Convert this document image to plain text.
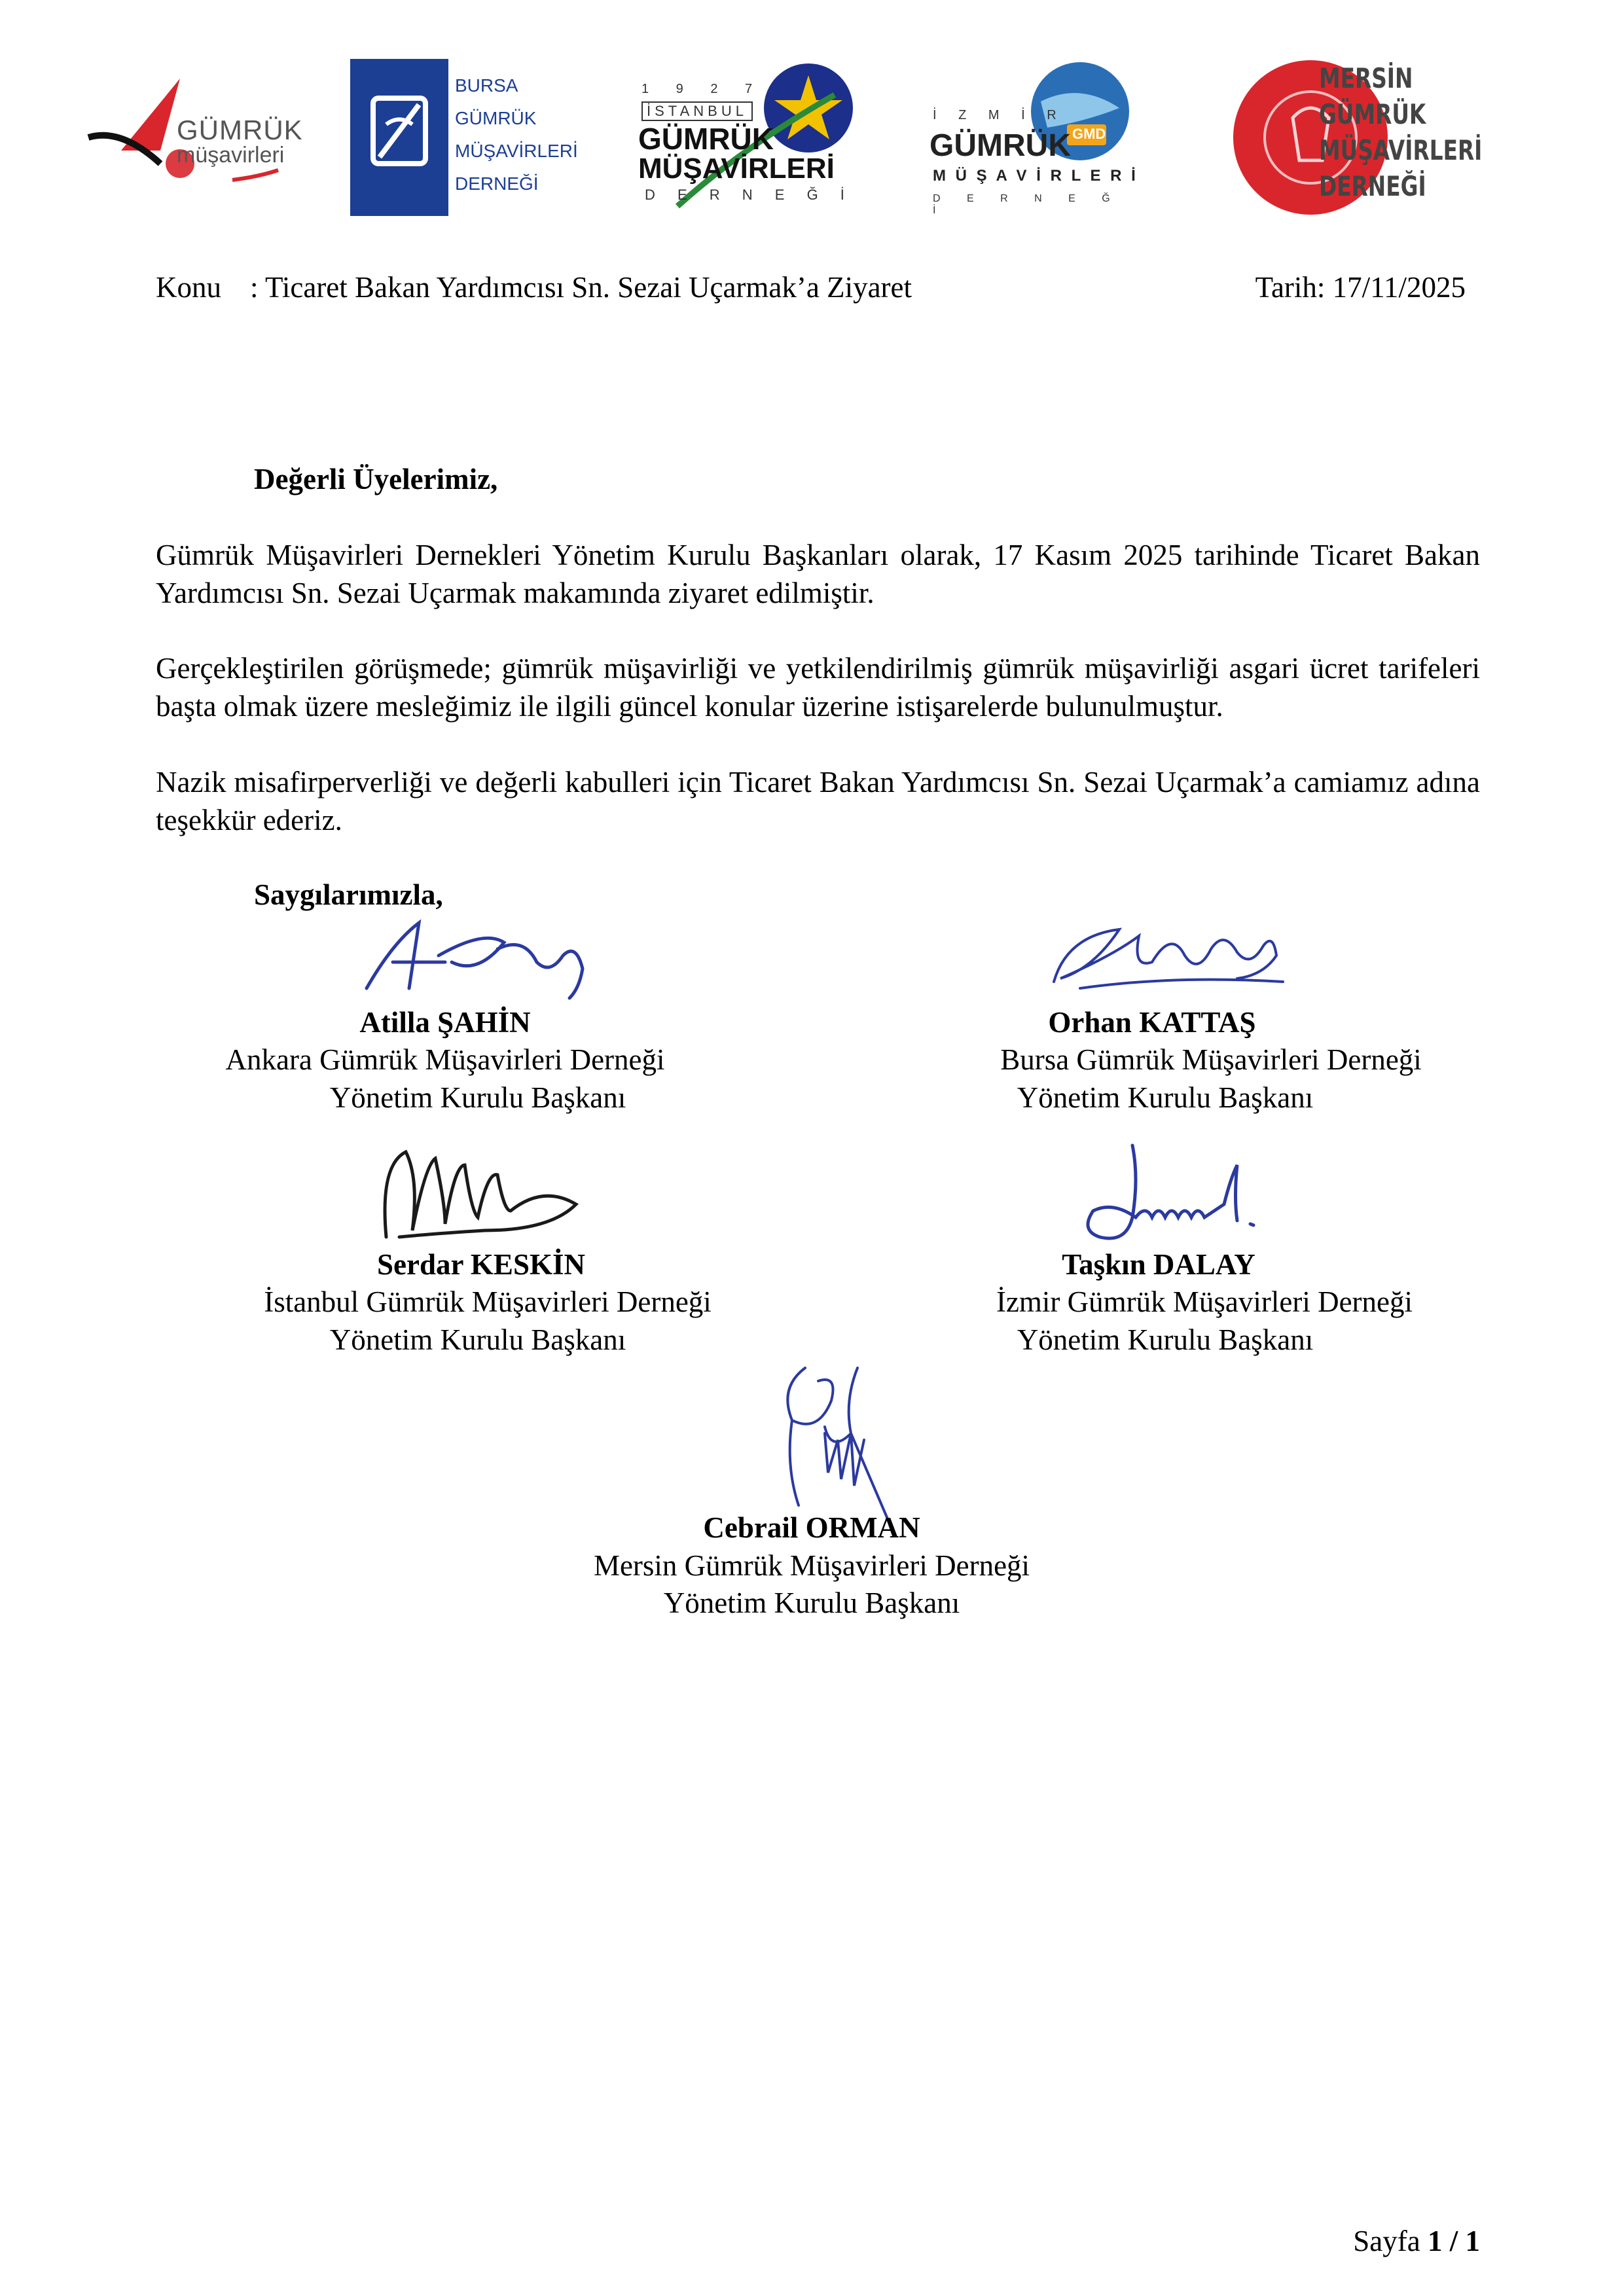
GÜMRÜK
müşavirleri
BURSA
GÜMRÜK
MÜŞAVİRLERİ
DERNEĞİ
1 9 2 7
İSTANBUL
GÜMRÜK
MÜŞAVİRLERİ
D E R N E Ğ İ
GMD
İ Z M İ R
GÜMRÜK
M Ü Ş A V İ R L E R İ
D E R N E Ğ İ
MERSİN
GÜMRÜK
MÜŞAVİRLERİ
DERNEĞİ
Konu : Ticaret Bakan Yardımcısı Sn. Sezai Uçarmak’a Ziyaret	Tarih: 17/11/2025
Değerli Üyelerimiz,
Gümrük Müşavirleri Dernekleri Yönetim Kurulu Başkanları olarak, 17 Kasım 2025 tarihinde Ticaret Bakan Yardımcısı Sn. Sezai Uçarmak makamında ziyaret edilmiştir.
Gerçekleştirilen görüşmede; gümrük müşavirliği ve yetkilendirilmiş gümrük müşavirliği asgari ücret tarifeleri başta olmak üzere mesleğimiz ile ilgili güncel konular üzerine istişarelerde bulunulmuştur.
Nazik misafirperverliği ve değerli kabulleri için Ticaret Bakan Yardımcısı Sn. Sezai Uçarmak’a camiamız adına teşekkür ederiz.
Saygılarımızla,
Atilla ŞAHİN
Ankara Gümrük Müşavirleri Derneği
Yönetim Kurulu Başkanı
Orhan KATTAŞ
Bursa Gümrük Müşavirleri Derneği
Yönetim Kurulu Başkanı
Serdar KESKİN
İstanbul Gümrük Müşavirleri Derneği
Yönetim Kurulu Başkanı
Taşkın DALAY
İzmir Gümrük Müşavirleri Derneği
Yönetim Kurulu Başkanı
Cebrail ORMAN
Mersin Gümrük Müşavirleri Derneği
Yönetim Kurulu Başkanı
Sayfa 1 / 1
